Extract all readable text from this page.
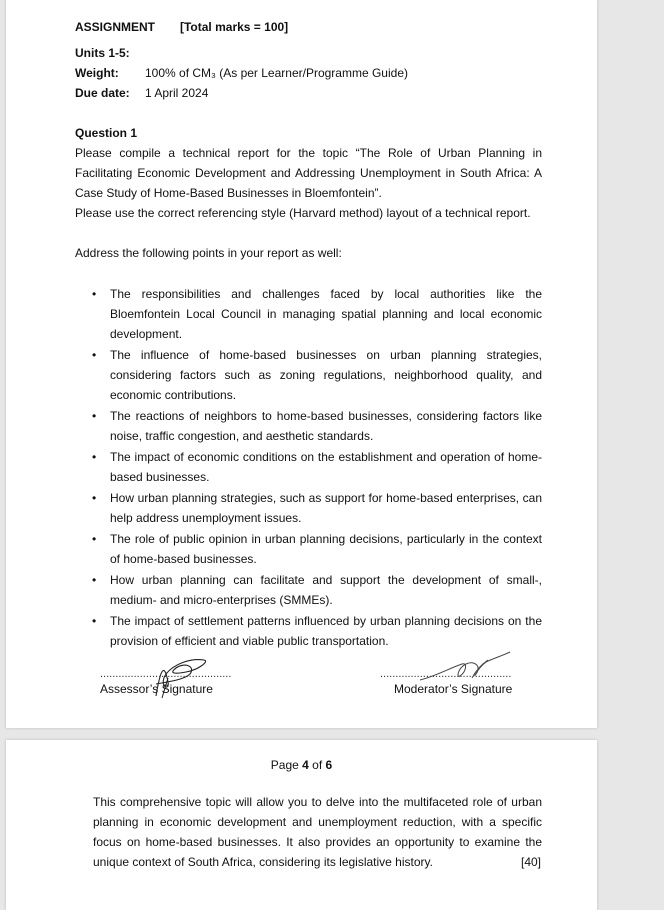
ASSIGNMENT [Total marks = 100]
Units 1-5:
Weight: 100% of CM₃ (As per Learner/Programme Guide)
Due date: 1 April 2024
Question 1
Please compile a technical report for the topic “The Role of Urban Planning in Facilitating Economic Development and Addressing Unemployment in South Africa: A Case Study of Home-Based Businesses in Bloemfontein”.
Please use the correct referencing style (Harvard method) layout of a technical report.
Address the following points in your report as well:
• The responsibilities and challenges faced by local authorities like the Bloemfontein Local Council in managing spatial planning and local economic development.
• The influence of home-based businesses on urban planning strategies, considering factors such as zoning regulations, neighborhood quality, and economic contributions.
• The reactions of neighbors to home-based businesses, considering factors like noise, traffic congestion, and aesthetic standards.
• The impact of economic conditions on the establishment and operation of home-based businesses.
• How urban planning strategies, such as support for home-based enterprises, can help address unemployment issues.
• The role of public opinion in urban planning decisions, particularly in the context of home-based businesses.
• How urban planning can facilitate and support the development of small-, medium- and micro-enterprises (SMMEs).
• The impact of settlement patterns influenced by urban planning decisions on the provision of efficient and viable public transportation.
...........................................
Assessor’s Signature
...........................................
Moderator’s Signature
Page 4 of 6
This comprehensive topic will allow you to delve into the multifaceted role of urban planning in economic development and unemployment reduction, with a specific focus on home-based businesses. It also provides an opportunity to examine the unique context of South Africa, considering its legislative history.	[40]
